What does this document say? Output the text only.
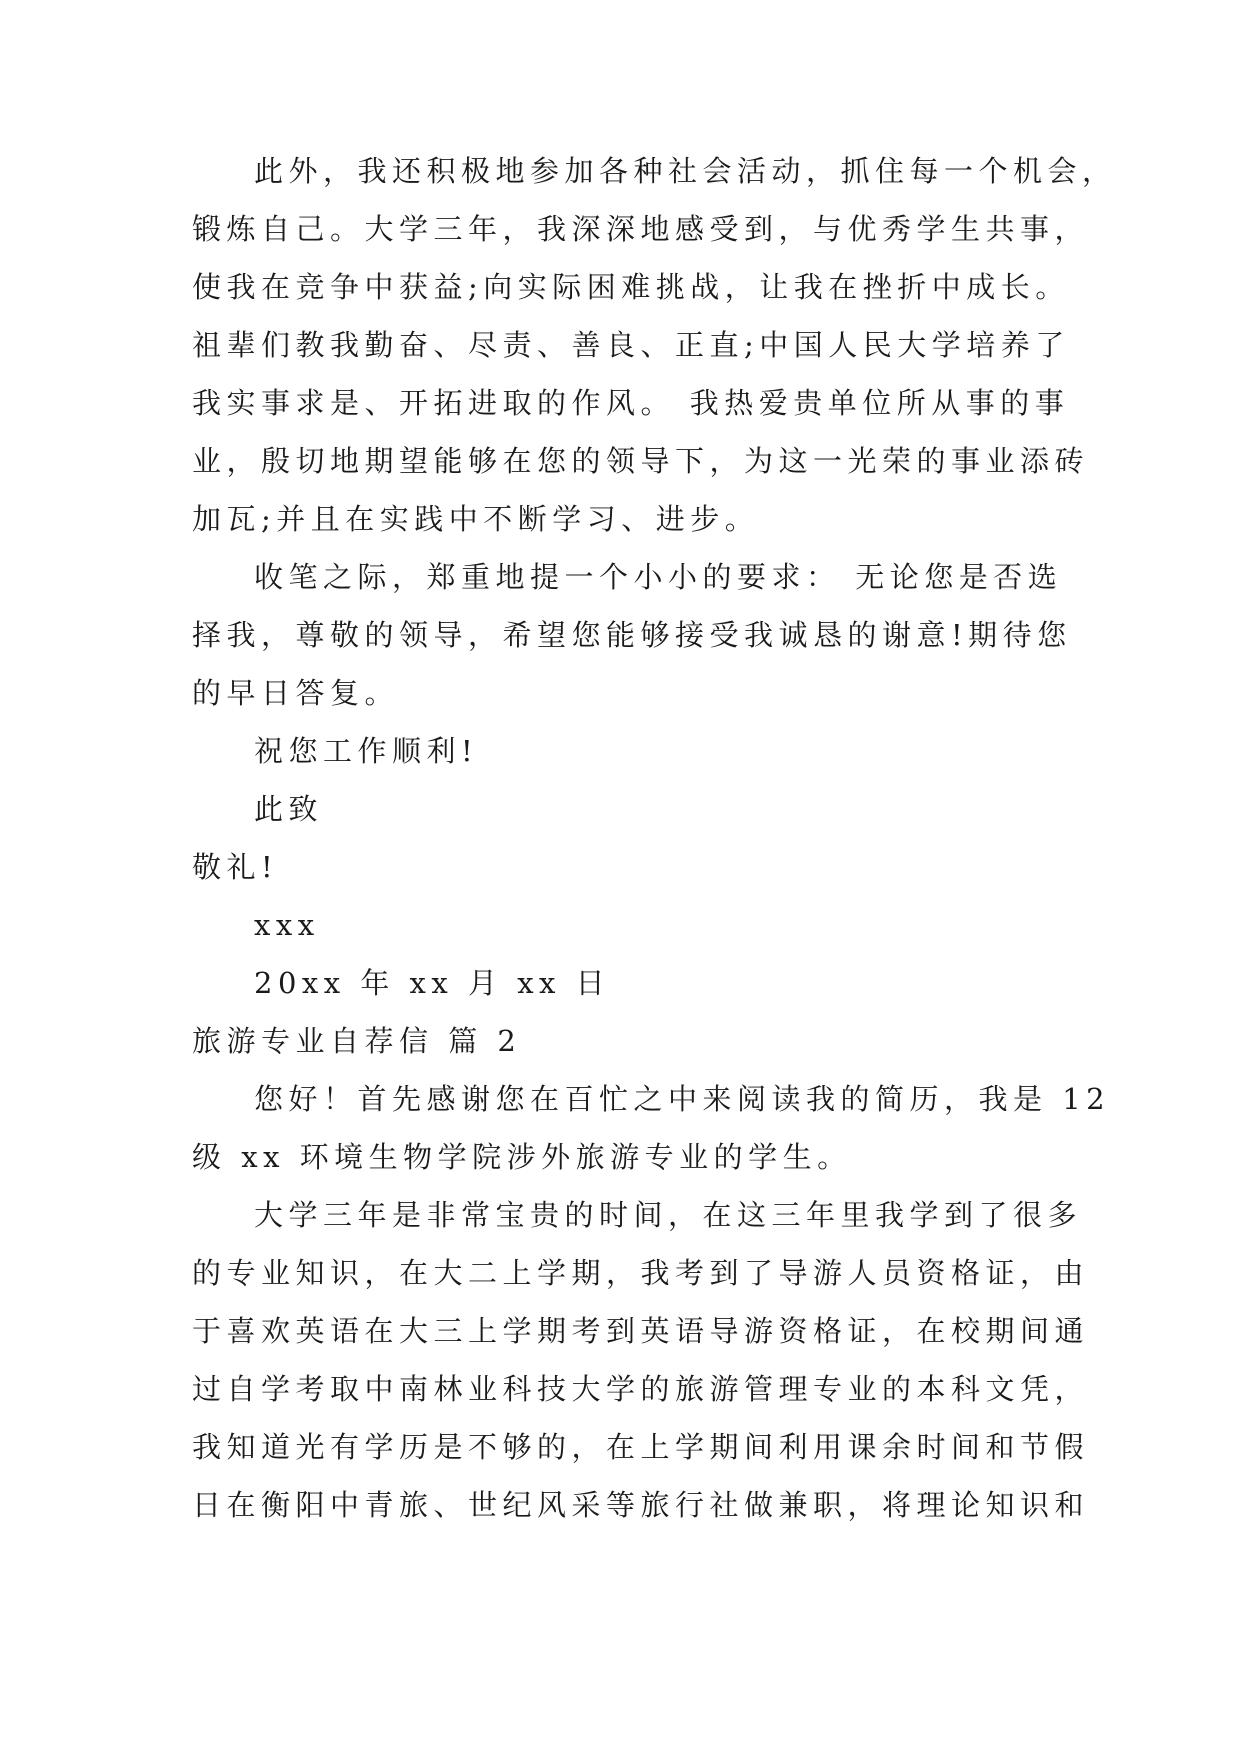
此外，我还积极地参加各种社会活动，抓住每一个机会，
锻炼自己。大学三年，我深深地感受到，与优秀学生共事，
使我在竞争中获益;向实际困难挑战，让我在挫折中成长。
祖辈们教我勤奋、尽责、善良、正直;中国人民大学培养了
我实事求是、开拓进取的作风。 我热爱贵单位所从事的事
业，殷切地期望能够在您的领导下，为这一光荣的事业添砖
加瓦;并且在实践中不断学习、进步。
收笔之际，郑重地提一个小小的要求： 无论您是否选
择我，尊敬的领导，希望您能够接受我诚恳的谢意!期待您
的早日答复。
祝您工作顺利!
此致
敬礼!
xxx
20xx 年 xx 月 xx 日
旅游专业自荐信 篇 2
您好！首先感谢您在百忙之中来阅读我的简历，我是 12
级 xx 环境生物学院涉外旅游专业的学生。
大学三年是非常宝贵的时间，在这三年里我学到了很多
的专业知识，在大二上学期，我考到了导游人员资格证，由
于喜欢英语在大三上学期考到英语导游资格证，在校期间通
过自学考取中南林业科技大学的旅游管理专业的本科文凭，
我知道光有学历是不够的，在上学期间利用课余时间和节假
日在衡阳中青旅、世纪风采等旅行社做兼职，将理论知识和
